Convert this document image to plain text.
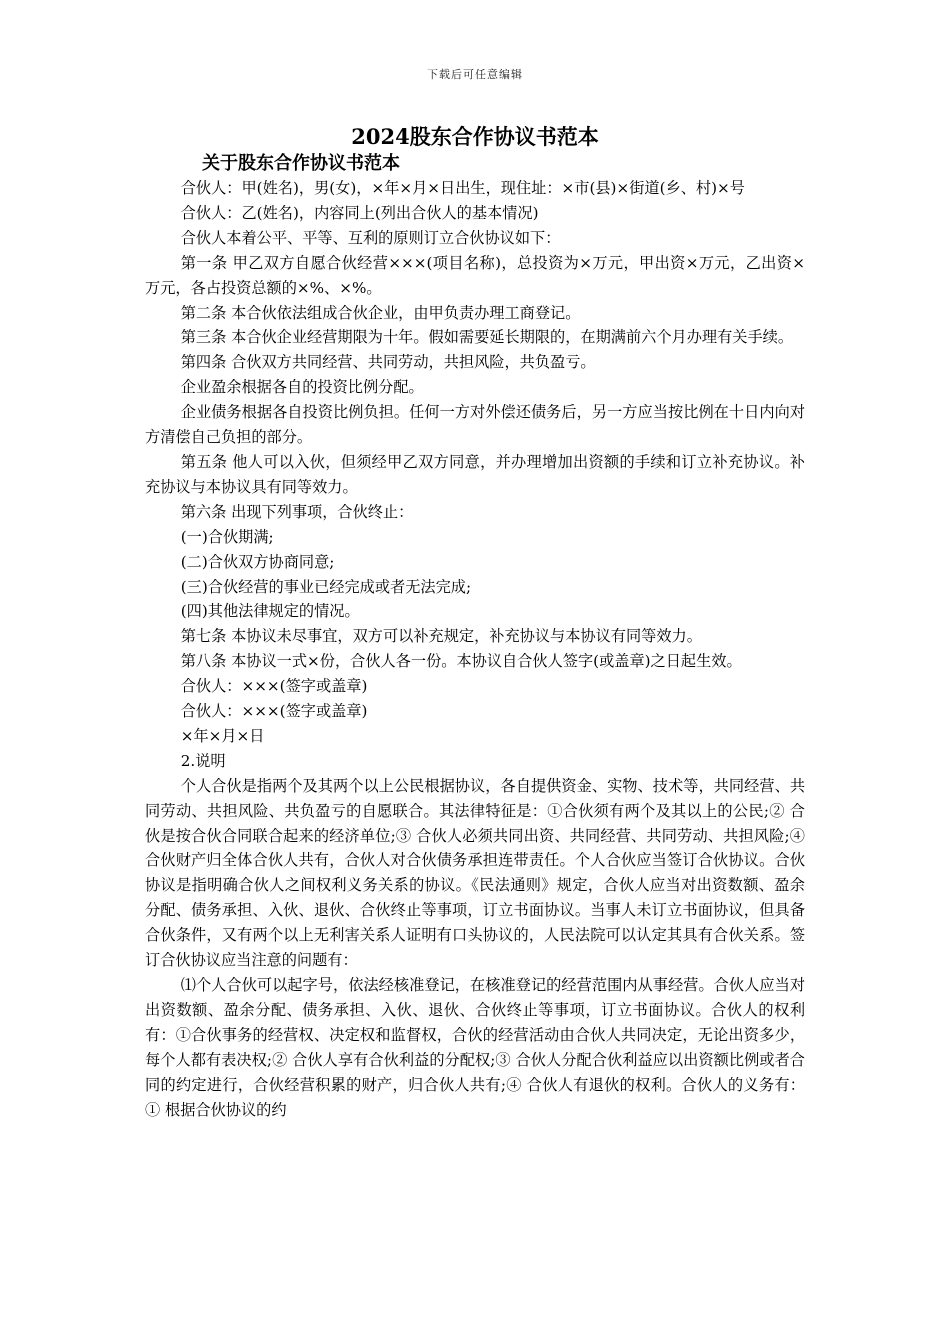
下载后可任意编辑
2024股东合作协议书范本
关于股东合作协议书范本

合伙人：甲(姓名)，男(女)，×年×月×日出生，现住址：×市(县)×街道(乡、村)×号

合伙人：乙(姓名)，内容同上(列出合伙人的基本情况)

合伙人本着公平、平等、互利的原则订立合伙协议如下：

第一条 甲乙双方自愿合伙经营×××(项目名称)，总投资为×万元，甲出资×万元，乙出资×万元，各占投资总额的×%、×%。

第二条 本合伙依法组成合伙企业，由甲负责办理工商登记。

第三条 本合伙企业经营期限为十年。假如需要延长期限的，在期满前六个月办理有关手续。

第四条 合伙双方共同经营、共同劳动，共担风险，共负盈亏。

企业盈余根据各自的投资比例分配。

企业债务根据各自投资比例负担。任何一方对外偿还债务后，另一方应当按比例在十日内向对方清偿自己负担的部分。

第五条 他人可以入伙，但须经甲乙双方同意，并办理增加出资额的手续和订立补充协议。补充协议与本协议具有同等效力。

第六条 出现下列事项，合伙终止：

(一)合伙期满;

(二)合伙双方协商同意;

(三)合伙经营的事业已经完成或者无法完成;

(四)其他法律规定的情况。

第七条 本协议未尽事宜，双方可以补充规定，补充协议与本协议有同等效力。

第八条 本协议一式×份，合伙人各一份。本协议自合伙人签字(或盖章)之日起生效。

合伙人：×××(签字或盖章)

合伙人：×××(签字或盖章)

×年×月×日

2.说明

个人合伙是指两个及其两个以上公民根据协议，各自提供资金、实物、技术等，共同经营、共同劳动、共担风险、共负盈亏的自愿联合。其法律特征是：①合伙须有两个及其以上的公民;② 合伙是按合伙合同联合起来的经济单位;③ 合伙人必须共同出资、共同经营、共同劳动、共担风险;④ 合伙财产归全体合伙人共有，合伙人对合伙债务承担连带责任。个人合伙应当签订合伙协议。合伙协议是指明确合伙人之间权利义务关系的协议。《民法通则》规定，合伙人应当对出资数额、盈余分配、债务承担、入伙、退伙、合伙终止等事项，订立书面协议。当事人未订立书面协议，但具备合伙条件，又有两个以上无利害关系人证明有口头协议的，人民法院可以认定其具有合伙关系。签订合伙协议应当注意的问题有：

⑴个人合伙可以起字号，依法经核准登记，在核准登记的经营范围内从事经营。合伙人应当对出资数额、盈余分配、债务承担、入伙、退伙、合伙终止等事项，订立书面协议。合伙人的权利有：①合伙事务的经营权、决定权和监督权，合伙的经营活动由合伙人共同决定，无论出资多少，每个人都有表决权;② 合伙人享有合伙利益的分配权;③ 合伙人分配合伙利益应以出资额比例或者合同的约定进行，合伙经营积累的财产，归合伙人共有;④ 合伙人有退伙的权利。合伙人的义务有：① 根据合伙协议的约
